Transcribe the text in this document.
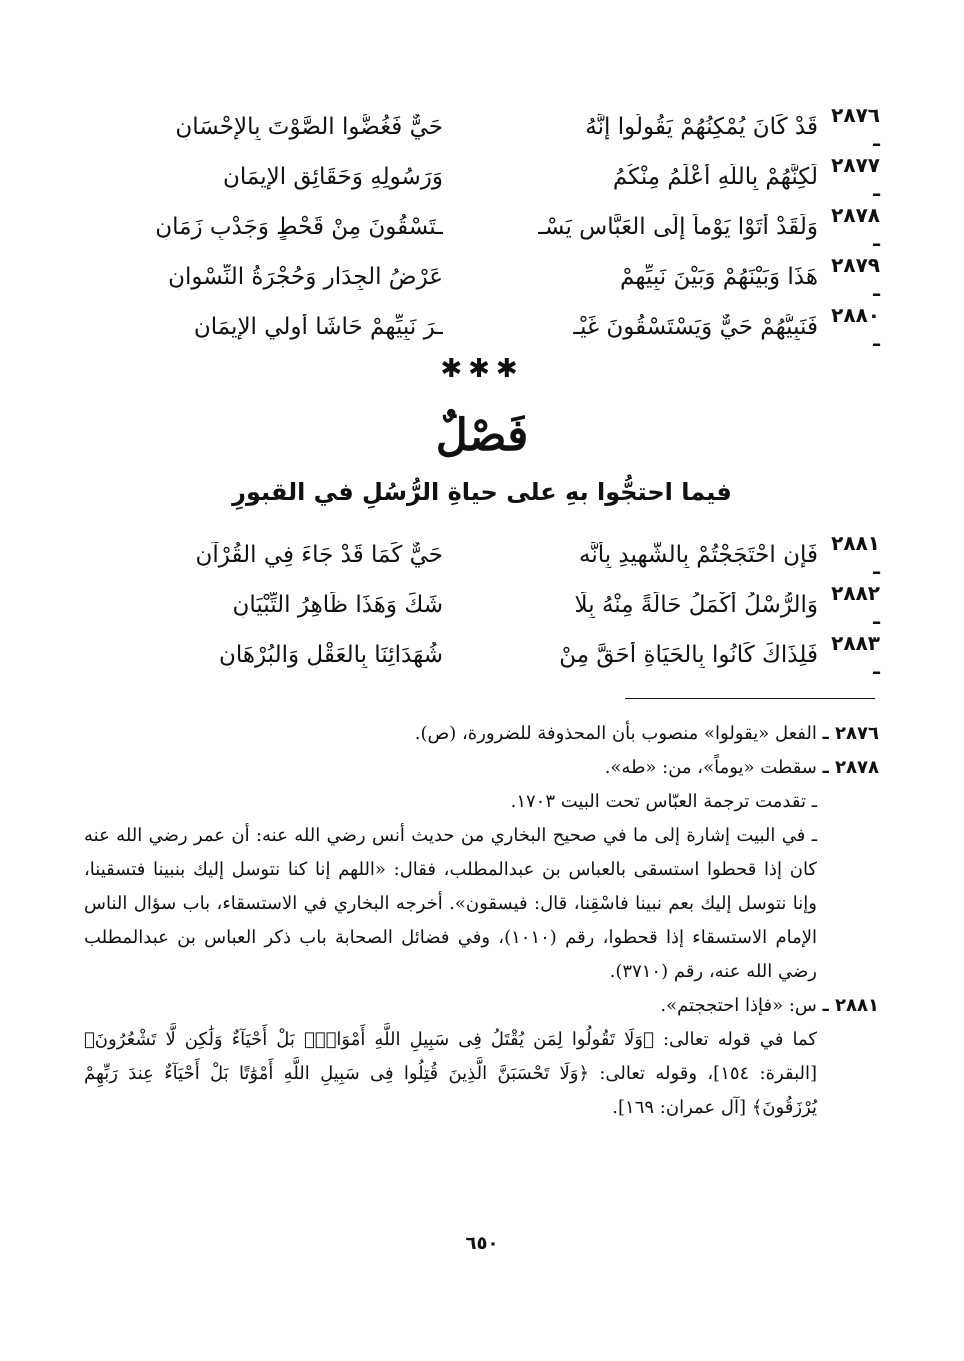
٢٨٧٦ ـ
قَدْ كَانَ يُمْكِنُهُمْ يَقُولُوا إِنَّهُ
حَيٌّ فَغُضُّوا الصَّوْتَ بِالإِحْسَانِ
٢٨٧٧ ـ
لَكِنَّهُمْ بِاللَّهِ أَعْلَمُ مِنْكُمُ
وَرَسُولِهِ وَحَقَائِقِ الإِيمَانِ
٢٨٧٨ ـ
وَلَقَدْ أَتَوْا يَوْماً إِلَى العَبَّاسِ يَسْـ
ـتَسْقُونَ مِنْ قَحْطٍ وَجَدْبِ زَمَانِ
٢٨٧٩ ـ
هَذَا وَبَيْنَهُمْ وَبَيْنَ نَبِيِّهِمْ
عَرْضُ الجِدَارِ وَحُجْرَةُ النِّسْوانِ
٢٨٨٠ ـ
فَنَبِيُّهُمْ حَيٌّ وَيَسْتَسْقُونَ غَيْـ
ـرَ نَبِيِّهِمْ حَاشَا أولي الإِيمَانِ
✱✱✱
فَصْلٌ
فيما احتجُّوا بهِ على حياةِ الرُّسُلِ في القبورِ
٢٨٨١ ـ
فَإِنِ احْتَجَجْتُمْ بِالشَّهِيدِ بِأَنَّه
حَيٌّ كَمَا قَدْ جَاءَ فِي القُرْآنِ
٢٨٨٢ ـ
وَالرُّسْلُ أَكْمَلُ حَالَةً مِنْهُ بِلَا
شَكٍّ وَهَذَا ظَاهِرُ التِّبْيَانِ
٢٨٨٣ ـ
فَلِذَاكَ كَانُوا بِالحَيَاةِ أَحَقَّ مِنْ
شُهَدَائِنَا بِالعَقْلِ وَالبُرْهَانِ

٢٨٧٦ ـ الفعل «يقولوا» منصوب بأن المحذوفة للضرورة، (ص).

٢٨٧٨ ـ سقطت «يوماً»، من: «طه».

ـ تقدمت ترجمة العبّاس تحت البيت ١٧٠٣.

ـ في البيت إشارة إلى ما في صحيح البخاري من حديث أنس رضي الله عنه: أن عمر رضي الله عنه كان إذا قحطوا استسقى بالعباس بن عبدالمطلب، فقال: «اللهم إنا كنا نتوسل إليك بنبينا فتسقينا، وإنا نتوسل إليك بعم نبينا فاسْقِنا، قال: فيسقون». أخرجه البخاري في الاستسقاء، باب سؤال الناس الإمام الاستسقاء إذا قحطوا، رقم (١٠١٠)، وفي فضائل الصحابة باب ذكر العباس بن عبدالمطلب رضي الله عنه، رقم (٣٧١٠).

٢٨٨١ ـ س: «فإذا احتججتم».

كما في قوله تعالى: ﴿وَلَا تَقُولُوا لِمَن يُقْتَلُ فِى سَبِيلِ اللَّهِ أَمْوَاتٌۢ بَلْ أَحْيَآءٌ وَلَٰكِن لَّا تَشْعُرُونَ﴾ [البقرة: ١٥٤]، وقوله تعالى: ﴿وَلَا تَحْسَبَنَّ الَّذِينَ قُتِلُوا فِى سَبِيلِ اللَّهِ أَمْوَٰتًا بَلْ أَحْيَآءٌ عِندَ رَبِّهِمْ يُرْزَقُونَ﴾ [آل عمران: ١٦٩].

٦٥٠
